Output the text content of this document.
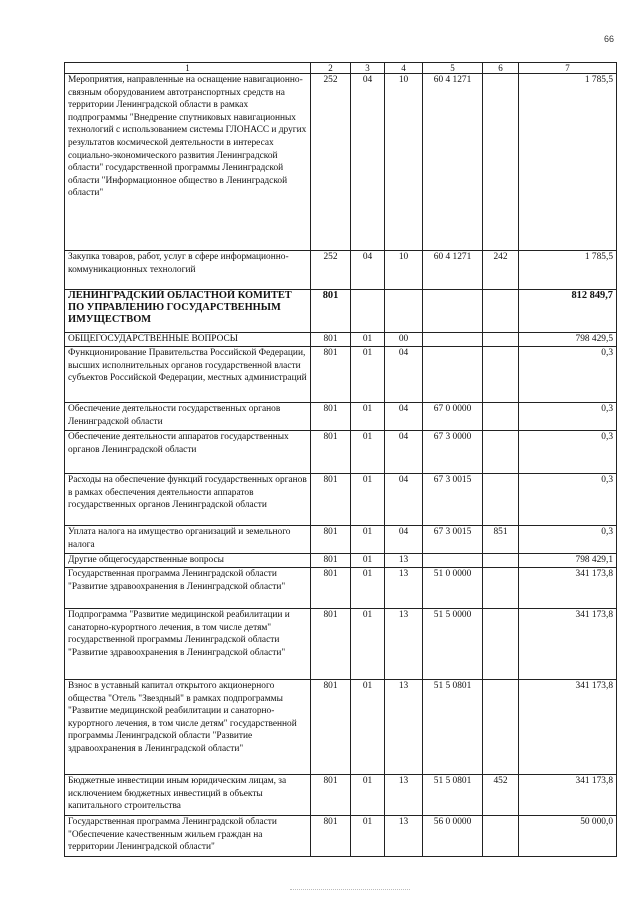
66
1	2	3	4	5	6	7
Мероприятия, направленные на оснащение навигационно-связным оборудованием автотранспортных средств на территории Ленинградской области в рамках подпрограммы "Внедрение спутниковых навигационных технологий с использованием системы ГЛОНАСС и других результатов космической деятельности в интересах социально-экономического развития Ленинградской области" государственной программы Ленинградской области "Информационное общество в Ленинградской области"	252	04	10	60 4 1271		1 785,5
Закупка товаров, работ, услуг в сфере информационно-коммуникационных технологий	252	04	10	60 4 1271	242	1 785,5
ЛЕНИНГРАДСКИЙ ОБЛАСТНОЙ КОМИТЕТ ПО УПРАВЛЕНИЮ ГОСУДАРСТВЕННЫМ ИМУЩЕСТВОМ	801					812 849,7
ОБЩЕГОСУДАРСТВЕННЫЕ ВОПРОСЫ	801	01	00			798 429,5
Функционирование Правительства Российской Федерации, высших исполнительных органов государственной власти субъектов Российской Федерации, местных администраций	801	01	04			0,3
Обеспечение деятельности государственных органов Ленинградской области	801	01	04	67 0 0000		0,3
Обеспечение деятельности аппаратов государственных органов Ленинградской области	801	01	04	67 3 0000		0,3
Расходы на обеспечение функций государственных органов в рамках обеспечения деятельности аппаратов государственных органов Ленинградской области	801	01	04	67 3 0015		0,3
Уплата налога на имущество организаций и земельного налога	801	01	04	67 3 0015	851	0,3
Другие общегосударственные вопросы	801	01	13			798 429,1
Государственная программа Ленинградской области "Развитие здравоохранения в Ленинградской области"	801	01	13	51 0 0000		341 173,8
Подпрограмма "Развитие медицинской реабилитации и санаторно-курортного лечения, в том числе детям" государственной программы Ленинградской области "Развитие здравоохранения в Ленинградской области"	801	01	13	51 5 0000		341 173,8
Взнос в уставный капитал открытого акционерного общества "Отель "Звездный" в рамках подпрограммы "Развитие медицинской реабилитации и санаторно-курортного лечения, в том числе детям" государственной программы Ленинградской области "Развитие здравоохранения в Ленинградской области"	801	01	13	51 5 0801		341 173,8
Бюджетные инвестиции иным юридическим лицам, за исключением бюджетных инвестиций в объекты капитального строительства	801	01	13	51 5 0801	452	341 173,8
Государственная программа Ленинградской области "Обеспечение качественным жильем граждан на территории Ленинградской области"	801	01	13	56 0 0000		50 000,0
